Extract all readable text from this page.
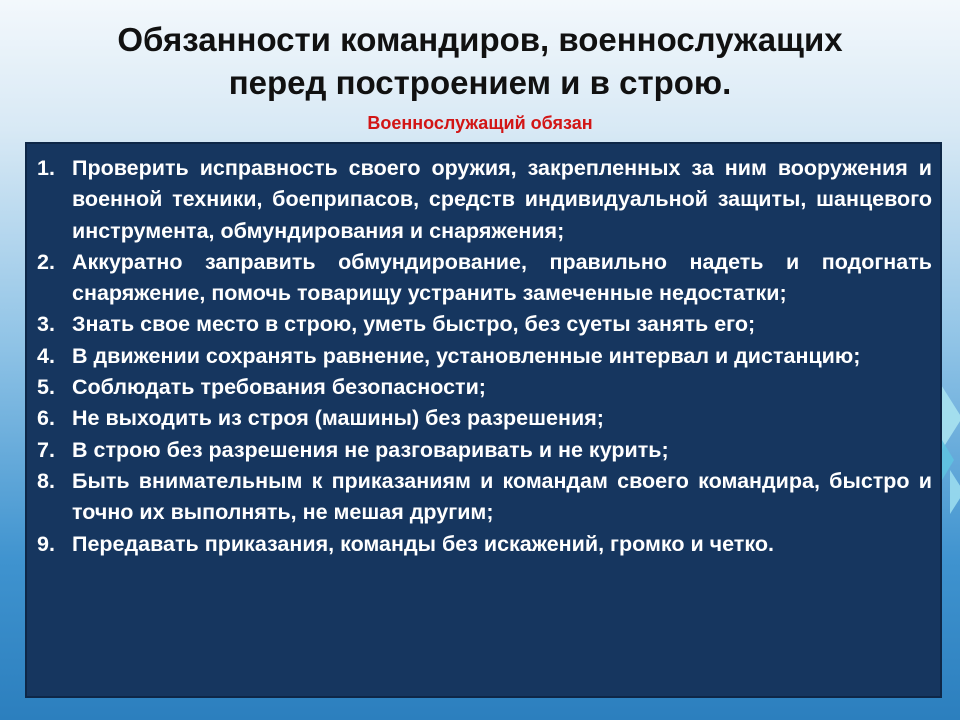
Обязанности командиров, военнослужащих
перед построением и в строю.
Военнослужащий обязан
1. Проверить исправность своего оружия, закрепленных за ним вооружения и военной техники, боеприпасов, средств индивидуальной защиты, шанцевого инструмента, обмундирования и снаряжения;
2. Аккуратно заправить обмундирование, правильно надеть и подогнать снаряжение, помочь товарищу устранить замеченные недостатки;
3. Знать свое место в строю, уметь быстро, без суеты занять его;
4. В движении сохранять равнение, установленные интервал и дистанцию;
5. Соблюдать требования безопасности;
6. Не выходить из строя (машины) без разрешения;
7. В строю без разрешения не разговаривать и не курить;
8. Быть внимательным к приказаниям и командам своего командира, быстро и точно их выполнять, не мешая другим;
9. Передавать приказания, команды без искажений, громко и четко.
